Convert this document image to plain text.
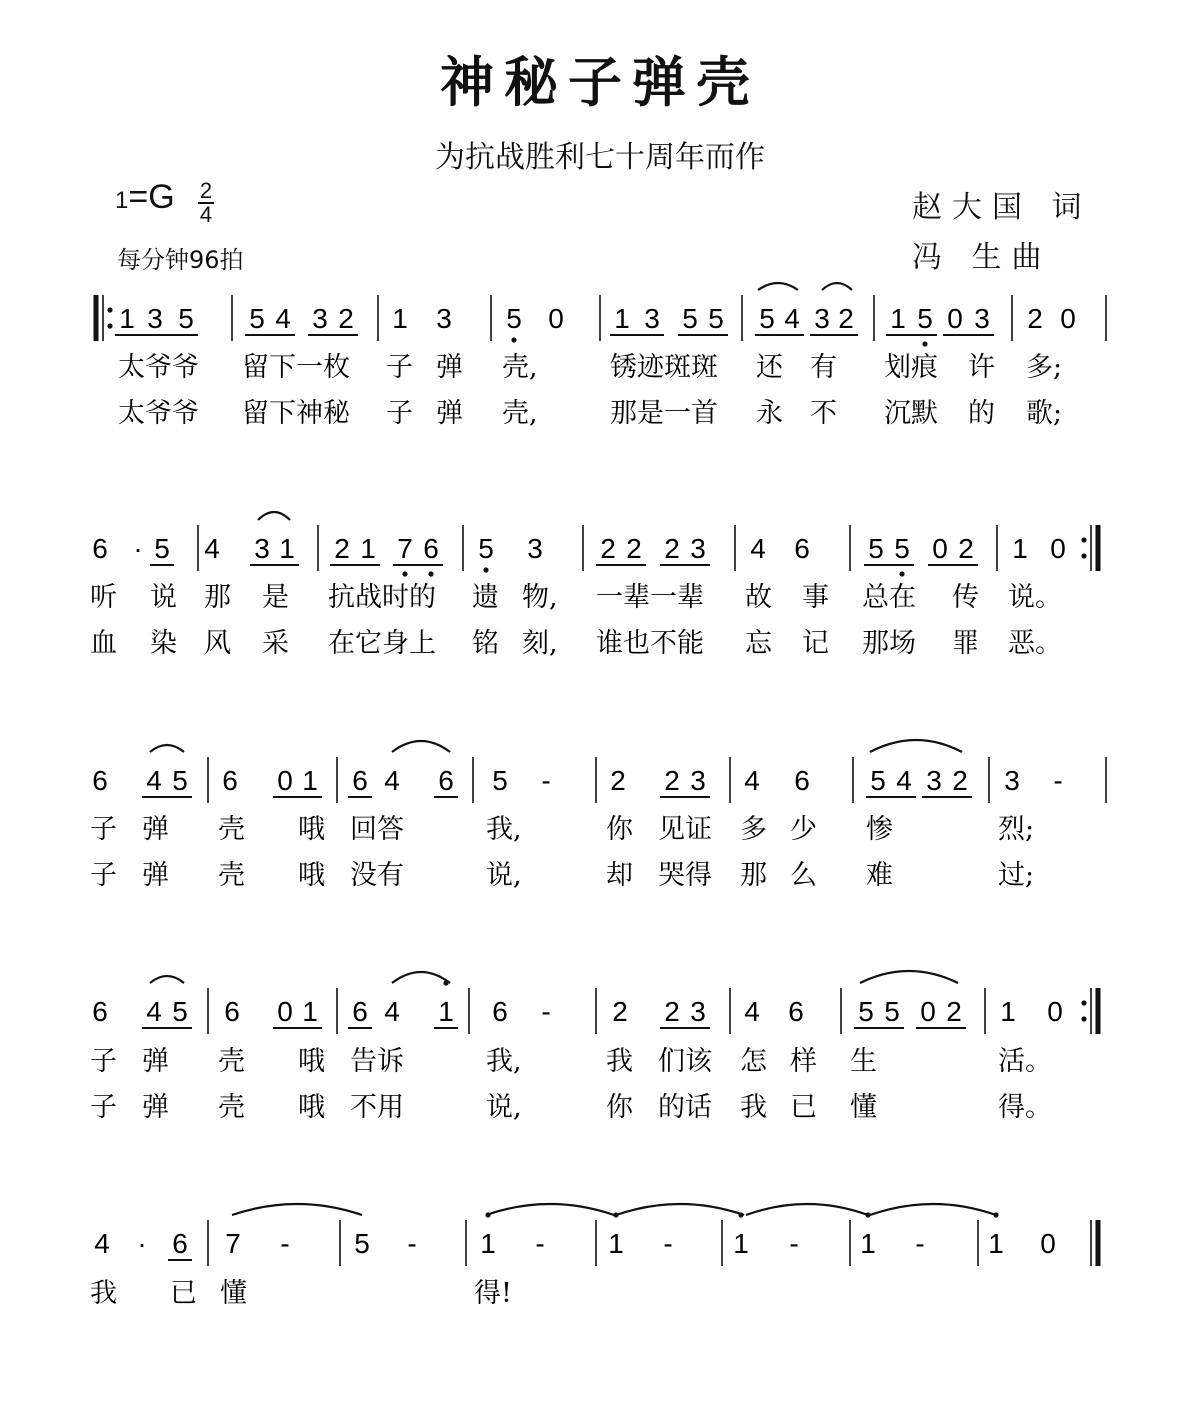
神秘子弹壳
为抗战胜利七十周年而作
1=G 2
4
每分钟96拍
赵大国 词
冯 生曲
1 3 5 5 4 3 2 1 3 5 0 1 3 5 5 5 4 3 2 1 5 0 3 2 0
太爷爷 留下一枚 子 弹 壳,	锈迹斑斑 还 有 划痕 许 多;
太爷爷 留下神秘 子 弹 壳,	那是一首 永 不 沉默 的 歌;
6 · 5 4 3 1 2 1 7 6 5 3 2 2 2 3 4 6 5 5 0 2 1 0
听 说 那 是 抗战时的 遗 物, 一辈一辈 故 事 总在 传 说。
血 染 风 采 在它身上 铭 刻, 谁也不能 忘 记 那场 罪 恶。
6 4 5 6 0 1 6 4 6 5 - 2 2 3 4 6 5 4 3 2 3 -
子 弹 壳 哦 回答	我,	你 见证 多 少 惨	烈;
子 弹 壳 哦 没有	说,	却 哭得 那 么 难	过;
6 4 5 6 0 1 6 4 1 6 - 2 2 3 4 6 5 5 0 2 1 0
子 弹 壳 哦 告诉	我,	我 们该 怎 样 生	活。
子 弹 壳 哦 不用	说,	你 的话 我 已 懂	得。
4 · 6 7 - 5 - 1 - 1 - 1 - 1 - 1 0
我 已 懂	得!
